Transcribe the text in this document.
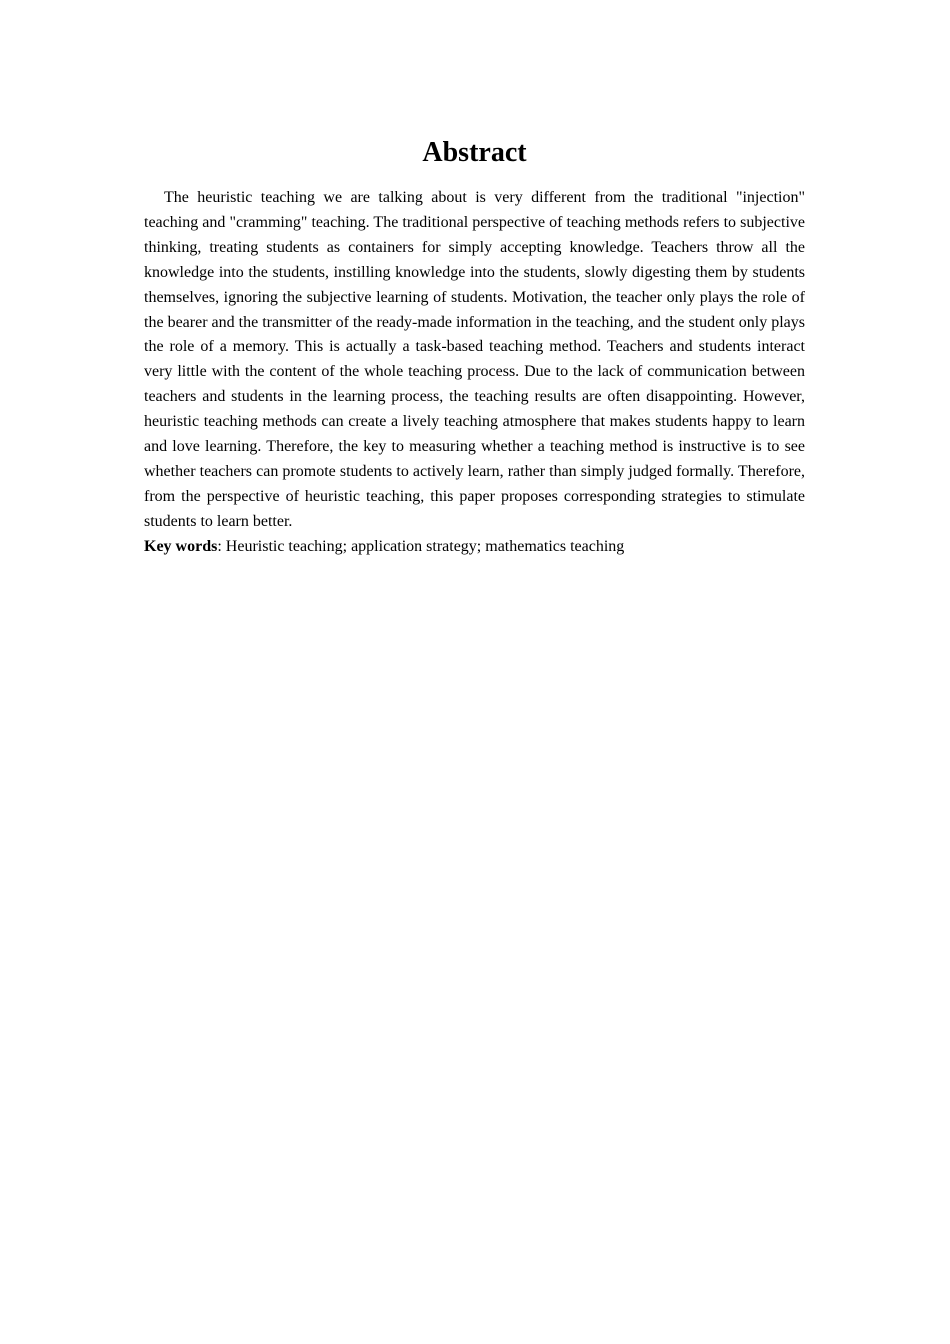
Abstract

The heuristic teaching we are talking about is very different from the traditional "injection" teaching and "cramming" teaching. The traditional perspective of teaching methods refers to subjective thinking, treating students as containers for simply accepting knowledge. Teachers throw all the knowledge into the students, instilling knowledge into the students, slowly digesting them by students themselves, ignoring the subjective learning of students. Motivation, the teacher only plays the role of the bearer and the transmitter of the ready-made information in the teaching, and the student only plays the role of a memory. This is actually a task-based teaching method. Teachers and students interact very little with the content of the whole teaching process. Due to the lack of communication between teachers and students in the learning process, the teaching results are often disappointing. However, heuristic teaching methods can create a lively teaching atmosphere that makes students happy to learn and love learning. Therefore, the key to measuring whether a teaching method is instructive is to see whether teachers can promote students to actively learn, rather than simply judged formally. Therefore, from the perspective of heuristic teaching, this paper proposes corresponding strategies to stimulate students to learn better.

Key words: Heuristic teaching; application strategy; mathematics teaching
